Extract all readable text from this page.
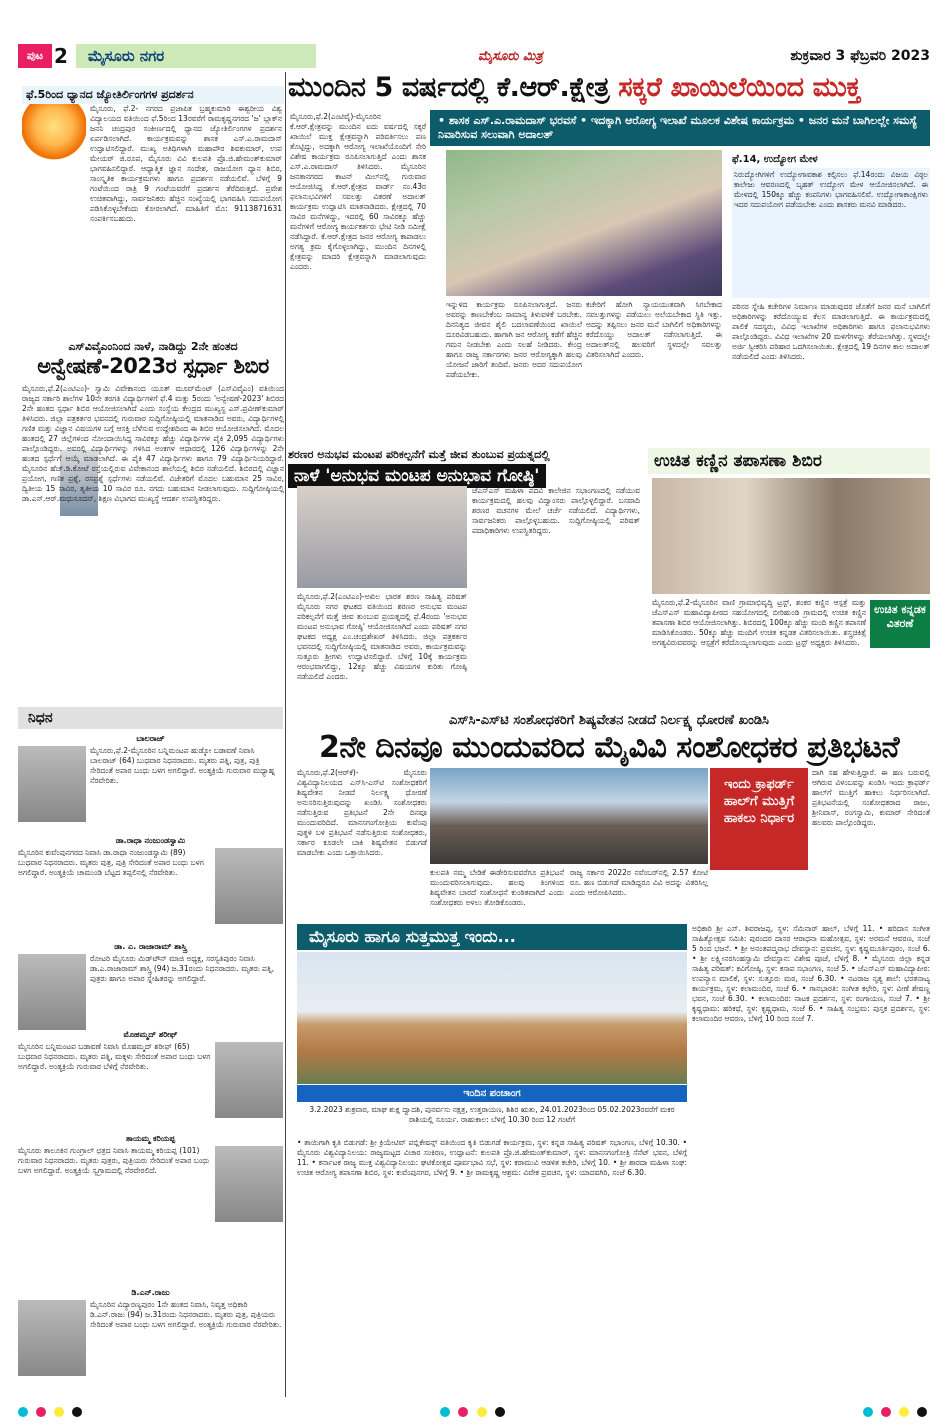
ಪುಟ 2	ಮೈಸೂರು ನಗರ	ಮೈಸೂರು ಮಿತ್ರ	ಶುಕ್ರವಾರ 3 ಫೆಬ್ರವರಿ 2023
ಫೆ.5ರಿಂದ ಧ್ಯಾನದ ಜ್ಯೋತಿರ್ಲಿಂಗಗಳ ಪ್ರದರ್ಶನ
ಮೈಸೂರು, ಫೆ.2- ನಗರದ ಪ್ರಜಾಪಿತ ಬ್ರಹ್ಮಕುಮಾರಿ ಈಶ್ವರೀಯ ವಿಶ್ವ ವಿದ್ಯಾಲಯದ ವತಿಯಿಂದ ಫೆ.5ರಿಂದ 13ರವರೆಗೆ ರಾಮಕೃಷ್ಣನಗರದ 'ಜ' ಬ್ಲಾಕ್‌ನ ಜನನಿ ಚಂದ್ರಪುರ ಸಂಕೀರ್ಣದಲ್ಲಿ ಧ್ಯಾನದ ಜ್ಯೋತಿರ್ಲಿಂಗಗಳ ಪ್ರದರ್ಶನ ಏರ್ಪಡಿಸಲಾಗಿದೆ. ಕಾರ್ಯಕ್ರಮವನ್ನು ಶಾಸಕ ಎಸ್.ಎ.ರಾಮದಾಸ್ ಉದ್ಘಾಟಿಸಲಿದ್ದಾರೆ. ಮುಖ್ಯ ಅತಿಥಿಗಳಾಗಿ ಮಹಾಪೌರ ಶಿವಕುಮಾರ್, ಉಪ ಮೇಯರ್ ಜಿ.ರೂಪ, ಮೈಸೂರು ವಿವಿ ಕುಲಪತಿ ಪ್ರೊ.ಜಿ.ಹೇಮಂತ್‌ಕುಮಾರ್ ಭಾಗವಹಿಸಲಿದ್ದಾರೆ. ಆಧ್ಯಾತ್ಮಿಕ ಜ್ಞಾನ ಸಂದೇಶ, ರಾಜಯೋಗ ಧ್ಯಾನ ಶಿಬಿರ, ಸಾಂಸ್ಕೃತಿಕ ಕಾರ್ಯಕ್ರಮಗಳು ಹಾಗೂ ಪ್ರದರ್ಶನ ನಡೆಯಲಿವೆ. ಬೆಳಿಗ್ಗೆ 9 ಗಂಟೆಯಿಂದ ರಾತ್ರಿ 9 ಗಂಟೆಯವರೆಗೆ ಪ್ರದರ್ಶನ ತೆರೆದಿರುತ್ತದೆ. ಪ್ರವೇಶ ಉಚಿತವಾಗಿದ್ದು, ಸಾರ್ವಜನಿಕರು ಹೆಚ್ಚಿನ ಸಂಖ್ಯೆಯಲ್ಲಿ ಭಾಗವಹಿಸಿ ಸದುಪಯೋಗ ಪಡಿಸಿಕೊಳ್ಳಬೇಕೆಂದು ಕೋರಲಾಗಿದೆ. ಮಾಹಿತಿಗೆ ಮೊ: 9113871631 ಸಂಪರ್ಕಿಸಬಹುದು.
ಎಸ್‌ವಿವೈಎಂನಿಂದ ನಾಳೆ, ನಾಡಿದ್ದು 2ನೇ ಹಂತದ
ಅನ್ವೇಷಣೆ-2023ರ ಸ್ಪರ್ಧಾ ಶಿಬಿರ
ಮೈಸೂರು,ಫೆ.2(ಎಂಟಿಎಂ)- ಸ್ವಾಮಿ ವಿವೇಕಾನಂದ ಯೂತ್ ಮೂವ್‌ಮೆಂಟ್ (ಎಸ್‌ವಿವೈಎಂ) ವತಿಯಿಂದ ರಾಜ್ಯದ ಸರ್ಕಾರಿ ಶಾಲೆಗಳ 10ನೇ ತರಗತಿ ವಿದ್ಯಾರ್ಥಿಗಳಿಗೆ ಫೆ.4 ಮತ್ತು 5ರಂದು 'ಅನ್ವೇಷಣೆ-2023' ಶಿಬಿರದ 2ನೇ ಹಂತದ ಸ್ಪರ್ಧಾ ಶಿಬಿರ ಆಯೋಜಿಸಲಾಗಿದೆ ಎಂದು ಸಂಸ್ಥೆಯ ಕೇಂದ್ರದ ಮುಖ್ಯಸ್ಥ ಎಸ್.ಪ್ರವೀಣ್‌ಕುಮಾರ್ ತಿಳಿಸಿದರು. ಜಿಲ್ಲಾ ಪತ್ರಕರ್ತರ ಭವನದಲ್ಲಿ ಗುರುವಾರ ಸುದ್ದಿಗೋಷ್ಠಿಯಲ್ಲಿ ಮಾತನಾಡಿದ ಅವರು, ವಿದ್ಯಾರ್ಥಿಗಳಲ್ಲಿ ಗಣಿತ ಮತ್ತು ವಿಜ್ಞಾನ ವಿಷಯಗಳ ಬಗ್ಗೆ ಆಸಕ್ತಿ ಬೆಳೆಸುವ ಉದ್ದೇಶದಿಂದ ಈ ಶಿಬಿರ ಆಯೋಜಿಸಲಾಗಿದೆ. ಮೊದಲ ಹಂತದಲ್ಲಿ 27 ಜಿಲ್ಲೆಗಳಿಂದ ನೋಂದಾಯಿಸಿದ್ದ ಸಾವಿರಕ್ಕೂ ಹೆಚ್ಚು ವಿದ್ಯಾರ್ಥಿಗಳ ಪೈಕಿ 2,095 ವಿದ್ಯಾರ್ಥಿಗಳು ಪಾಲ್ಗೊಂಡಿದ್ದರು. ಅವರಲ್ಲಿ ವಿದ್ಯಾರ್ಥಿಗಳನ್ನು ಗಳಿಸಿದ ಅಂಕಗಳ ಆಧಾರದಲ್ಲಿ 126 ವಿದ್ಯಾರ್ಥಿಗಳನ್ನು 2ನೇ ಹಂತದ ಸ್ಪರ್ಧೆಗೆ ಆಯ್ಕೆ ಮಾಡಲಾಗಿದೆ. ಈ ಪೈಕಿ 47 ವಿದ್ಯಾರ್ಥಿಗಳು ಹಾಗೂ 79 ವಿದ್ಯಾರ್ಥಿನಿಯರಿದ್ದಾರೆ. ಮೈಸೂರಿನ ಹೆಚ್.ಡಿ.ಕೋಟೆ ರಸ್ತೆಯಲ್ಲಿರುವ ವಿವೇಕಾನಂದ ಶಾಲೆಯಲ್ಲಿ ಶಿಬಿರ ನಡೆಯಲಿದೆ. ಶಿಬಿರದಲ್ಲಿ ವಿಜ್ಞಾನ ಪ್ರಯೋಗ, ಗಣಿತ ಪ್ರಶ್ನೆ, ರಸಪ್ರಶ್ನೆ ಸ್ಪರ್ಧೆಗಳು ನಡೆಯಲಿವೆ. ವಿಜೇತರಿಗೆ ಮೊದಲ ಬಹುಮಾನ 25 ಸಾವಿರ, ದ್ವಿತೀಯ 15 ಸಾವಿರ, ತೃತೀಯ 10 ಸಾವಿರ ರೂ. ನಗದು ಬಹುಮಾನ ನೀಡಲಾಗುವುದು. ಸುದ್ದಿಗೋಷ್ಠಿಯಲ್ಲಿ ಡಾ.ಎಸ್.ಆರ್.ಮಧುಸೂದನ್, ಶಿಕ್ಷಣ ವಿಭಾಗದ ಮುಖ್ಯಸ್ಥೆ ಆದರ್ಶ ಉಪಸ್ಥಿತರಿದ್ದರು.
ನಿಧನ
ಬಾಲರಾಜ್
ಮೈಸೂರು,ಫೆ.2-ಮೈಸೂರಿನ ಬನ್ನಿಮಂಟಪ ಹುಡ್ಕೋ ಬಡಾವಣೆ ನಿವಾಸಿ ಬಾಲರಾಜ್ (64) ಬುಧವಾರ ನಿಧನರಾದರು. ಮೃತರು ಪತ್ನಿ, ಪುತ್ರ, ಪುತ್ರಿ ಸೇರಿದಂತೆ ಅಪಾರ ಬಂಧು ಬಳಗ ಅಗಲಿದ್ದಾರೆ. ಅಂತ್ಯಕ್ರಿಯೆ ಗುರುವಾರ ಮಧ್ಯಾಹ್ನ ನೆರವೇರಿತು.
ಡಾ.ರಾಧಾ ನಂಜುಂಡಸ್ವಾಮಿ
ಮೈಸೂರಿನ ಕುವೆಂಪುನಗರದ ನಿವಾಸಿ ಡಾ.ರಾಧಾ ನಂಜುಂಡಸ್ವಾಮಿ (89) ಬುಧವಾರ ನಿಧನರಾದರು. ಮೃತರು ಪುತ್ರ, ಪುತ್ರಿ ಸೇರಿದಂತೆ ಅಪಾರ ಬಂಧು ಬಳಗ ಅಗಲಿದ್ದಾರೆ. ಅಂತ್ಯಕ್ರಿಯೆ ಚಾಮುಂಡಿ ಬೆಟ್ಟದ ತಪ್ಪಲಿನಲ್ಲಿ ನೆರವೇರಿತು.
ಡಾ. ಎ. ರಾಜಾರಾಮ್ ಶಾಸ್ತ್ರಿ
ರೋಟರಿ ಮೈಸೂರು ಮಿಡ್‌ಟೌನ್ ಮಾಜಿ ಅಧ್ಯಕ್ಷ, ಸರಸ್ವತಿಪುರಂ ನಿವಾಸಿ ಡಾ.ಎ.ರಾಜಾರಾಮ್ ಶಾಸ್ತ್ರಿ (94) ಜ.31ರಂದು ನಿಧನರಾದರು. ಮೃತರು ಪತ್ನಿ, ಪುತ್ರರು ಹಾಗೂ ಅಪಾರ ಸ್ನೇಹಿತರನ್ನು ಅಗಲಿದ್ದಾರೆ.
ಮೊಹಮ್ಮದ್ ಶರೀಫ್
ಮೈಸೂರಿನ ಬನ್ನಿಮಂಟಪ ಬಡಾವಣೆ ನಿವಾಸಿ ಮೊಹಮ್ಮದ್ ಶರೀಫ್ (65) ಬುಧವಾರ ನಿಧನರಾದರು. ಮೃತರು ಪತ್ನಿ, ಮಕ್ಕಳು ಸೇರಿದಂತೆ ಅಪಾರ ಬಂಧು ಬಳಗ ಅಗಲಿದ್ದಾರೆ. ಅಂತ್ಯಕ್ರಿಯೆ ಗುರುವಾರ ಬೆಳಿಗ್ಗೆ ನೆರವೇರಿತು.
ತಾಯಮ್ಮ ಕರಿಯಪ್ಪ
ಮೈಸೂರು ತಾಲೂಕಿನ ಗುಂಗ್ರಾಲ್ ಛತ್ರದ ನಿವಾಸಿ ತಾಯಮ್ಮ ಕರಿಯಪ್ಪ (101) ಗುರುವಾರ ನಿಧನರಾದರು. ಮೃತರು ಪುತ್ರರು, ಪುತ್ರಿಯರು ಸೇರಿದಂತೆ ಅಪಾರ ಬಂಧು ಬಳಗ ಅಗಲಿದ್ದಾರೆ. ಅಂತ್ಯಕ್ರಿಯೆ ಸ್ವಗ್ರಾಮದಲ್ಲಿ ನೆರವೇರಲಿದೆ.
ಡಿ.ಎನ್.ರಾಜು
ಮೈಸೂರಿನ ವಿದ್ಯಾರಣ್ಯಪುರಂ 1ನೇ ಹಂತದ ನಿವಾಸಿ, ನಿವೃತ್ತ ಅಧಿಕಾರಿ ಡಿ.ಎನ್.ರಾಜು (94) ಜ.31ರಂದು ನಿಧನರಾದರು. ಮೃತರು ಪುತ್ರ, ಪುತ್ರಿಯರು ಸೇರಿದಂತೆ ಅಪಾರ ಬಂಧು ಬಳಗ ಅಗಲಿದ್ದಾರೆ. ಅಂತ್ಯಕ್ರಿಯೆ ಗುರುವಾರ ನೆರವೇರಿತು.
ಮುಂದಿನ 5 ವರ್ಷದಲ್ಲಿ ಕೆ.ಆರ್.ಕ್ಷೇತ್ರ ಸಕ್ಕರೆ ಖಾಯಿಲೆಯಿಂದ ಮುಕ್ತ
ಮೈಸೂರು,ಫೆ.2(ಎಂಟಿವೈ)-ಮೈಸೂರಿನ ಕೆ.ಆರ್.ಕ್ಷೇತ್ರವನ್ನು ಮುಂದಿನ ಐದು ವರ್ಷದಲ್ಲಿ ಸಕ್ಕರೆ ಖಾಯಿಲೆ ಮುಕ್ತ ಕ್ಷೇತ್ರವನ್ನಾಗಿ ಪರಿವರ್ತಿಸಲು ಪಣ ತೊಟ್ಟಿದ್ದು, ಅದಕ್ಕಾಗಿ ಆರೋಗ್ಯ ಇಲಾಖೆಯೊಂದಿಗೆ ಸೇರಿ ವಿಶೇಷ ಕಾರ್ಯಕ್ರಮ ರೂಪಿಸಲಾಗುತ್ತಿದೆ ಎಂದು ಶಾಸಕ ಎಸ್.ಎ.ರಾಮದಾಸ್ ತಿಳಿಸಿದರು. ಮೈಸೂರಿನ ಜನತಾನಗರದ ಕಾಟನ್ ಮಿಲ್‌ನಲ್ಲಿ ಗುರುವಾರ ಆಯೋಜಿಸಿದ್ದ ಕೆ.ಆರ್.ಕ್ಷೇತ್ರದ ವಾರ್ಡ್ ನಂ.43ರ ಫಲಾನುಭವಿಗಳಿಗೆ ಸವಲತ್ತು ವಿತರಣೆ ಅದಾಲತ್ ಕಾರ್ಯಕ್ರಮ ಉದ್ಘಾಟಿಸಿ ಮಾತನಾಡಿದರು. ಕ್ಷೇತ್ರದಲ್ಲಿ 70 ಸಾವಿರ ಮನೆಗಳಿದ್ದು, ಇದರಲ್ಲಿ 60 ಸಾವಿರಕ್ಕೂ ಹೆಚ್ಚು ಮನೆಗಳಿಗೆ ಆರೋಗ್ಯ ಕಾರ್ಯಕರ್ತರು ಭೇಟಿ ನೀಡಿ ಸಮೀಕ್ಷೆ ನಡೆಸಿದ್ದಾರೆ. ಕೆ.ಆರ್.ಕ್ಷೇತ್ರದ ಜನರ ಆರೋಗ್ಯ ಕಾಪಾಡಲು ಅಗತ್ಯ ಕ್ರಮ ಕೈಗೊಳ್ಳಲಾಗಿದ್ದು, ಮುಂದಿನ ದಿನಗಳಲ್ಲಿ ಕ್ಷೇತ್ರವನ್ನು ಮಾದರಿ ಕ್ಷೇತ್ರವನ್ನಾಗಿ ಮಾಡಲಾಗುವುದು ಎಂದರು.
• ಶಾಸಕ ಎಸ್.ಎ.ರಾಮದಾಸ್ ಭರವಸೆ • ಇದಕ್ಕಾಗಿ ಆರೋಗ್ಯ ಇಲಾಖೆ ಮೂಲಕ ವಿಶೇಷ ಕಾರ್ಯಕ್ರಮ • ಜನರ ಮನೆ ಬಾಗಿಲಲ್ಲೇ ಸಮಸ್ಯೆ ನಿವಾರಿಸುವ ಸಲುವಾಗಿ ಅದಾಲತ್
ಫೆ.14, ಉದ್ಯೋಗ ಮೇಳ
ನಿರುದ್ಯೋಗಿಗಳಿಗೆ ಉದ್ಯೋಗಾವಕಾಶ ಕಲ್ಪಿಸಲು ಫೆ.14ರಂದು ವಿಜಯ ವಿಠ್ಠಲ ಕಾಲೇಜು ಆವರಣದಲ್ಲಿ ಬೃಹತ್ ಉದ್ಯೋಗ ಮೇಳ ಆಯೋಜಿಸಲಾಗಿದೆ. ಈ ಮೇಳದಲ್ಲಿ 150ಕ್ಕೂ ಹೆಚ್ಚು ಕಂಪನಿಗಳು ಭಾಗವಹಿಸಲಿವೆ. ಉದ್ಯೋಗಾಕಾಂಕ್ಷಿಗಳು ಇದರ ಸದುಪಯೋಗ ಪಡೆಯಬೇಕು ಎಂದು ಶಾಸಕರು ಮನವಿ ಮಾಡಿದರು.
ಇನ್ನುಳಿದ ಕಾರ್ಯಕ್ರಮ ರೂಪಿಸಲಾಗುತ್ತದೆ. ಜನರು ಅವರನ್ನು ಕಾಣಬೇಕೆಂಬ ಸಾಮಾನ್ಯ ತಿಳುವಳಿಕೆ ಬರಬೇಕು. ದಿನನಿತ್ಯದ ಜೀವನ ಶೈಲಿ ಬದಲಾವಣೆಯಿಂದ ಖಾಯಿಲೆ ದೂರವಿಡಬಹುದು. ಹಾಗಾಗಿ ಜನ ಆರೋಗ್ಯ ಕಡೆಗೆ ಹೆಚ್ಚಿನ ಗಮನ ನೀಡಬೇಕು ಎಂದು ಸಲಹೆ ನೀಡಿದರು. ಕೇಂದ್ರ ಹಾಗೂ ರಾಜ್ಯ ಸರ್ಕಾರಗಳು ಜನರ ಆರೋಗ್ಯಕ್ಕಾಗಿ ಹಲವು ಯೋಜನೆ ಜಾರಿಗೆ ತಂದಿವೆ. ಜನರು ಅದರ ಸದುಪಯೋಗ ಪಡೆಯಬೇಕು.
ಕಚೇರಿಗೆ ಹೋಗಿ ನ್ಯಾಯಯುತವಾಗಿ ಸಿಗಬೇಕಾದ ಸವಲತ್ತುಗಳನ್ನು ಪಡೆಯಲು ಅಲೆಯಬೇಕಾದ ಸ್ಥಿತಿ ಇತ್ತು. ಅದನ್ನು ತಪ್ಪಿಸಲು ಜನರ ಮನೆ ಬಾಗಿಲಿಗೆ ಅಧಿಕಾರಿಗಳನ್ನು ಕರೆದೊಯ್ದು ಅದಾಲತ್ ನಡೆಸಲಾಗುತ್ತಿದೆ. ಈ ಅದಾಲತ್‌ನಲ್ಲಿ ಹಲವರಿಗೆ ಸ್ಥಳದಲ್ಲೇ ಸವಲತ್ತು ವಿತರಿಸಲಾಗಿದೆ ಎಂದರು.
ಪರಿಸರ ಸ್ನೇಹಿ ಕಚೇರಿಗಳ ನಿರ್ಮಾಣ ಮಾಡುವುದರ ಜೊತೆಗೆ ಜನರ ಮನೆ ಬಾಗಿಲಿಗೆ ಅಧಿಕಾರಿಗಳನ್ನು ಕರೆದೊಯ್ಯುವ ಕೆಲಸ ಮಾಡಲಾಗುತ್ತಿದೆ. ಈ ಕಾರ್ಯಕ್ರಮದಲ್ಲಿ ಪಾಲಿಕೆ ಸದಸ್ಯರು, ವಿವಿಧ ಇಲಾಖೆಗಳ ಅಧಿಕಾರಿಗಳು ಹಾಗೂ ಫಲಾನುಭವಿಗಳು ಪಾಲ್ಗೊಂಡಿದ್ದರು. ವಿವಿಧ ಇಲಾಖೆಗಳ 20 ಮಳಿಗೆಗಳನ್ನು ತೆರೆಯಲಾಗಿತ್ತು. ಸ್ಥಳದಲ್ಲೇ ಅರ್ಜಿ ಸ್ವೀಕರಿಸಿ ಪರಿಹಾರ ಒದಗಿಸಲಾಯಿತು. ಕ್ಷೇತ್ರದಲ್ಲಿ 19 ದಿನಗಳ ಕಾಲ ಅದಾಲತ್ ನಡೆಯಲಿದೆ ಎಂದು ತಿಳಿಸಿದರು.
ಶರಣರ ಅನುಭವ ಮಂಟಪ ಪರಿಕಲ್ಪನೆಗೆ ಮತ್ತೆ ಜೀವ ತುಂಬುವ ಪ್ರಯತ್ನದಲ್ಲಿ
ನಾಳೆ 'ಅನುಭವ ಮಂಟಪ ಅನುಭಾವ ಗೋಷ್ಠಿ'
ಮೈಸೂರು,ಫೆ.2(ಎಂಟಿಎಂ)-ಅಖಿಲ ಭಾರತ ಶರಣ ಸಾಹಿತ್ಯ ಪರಿಷತ್ ಮೈಸೂರು ನಗರ ಘಟಕದ ವತಿಯಿಂದ ಶರಣರ ಅನುಭವ ಮಂಟಪ ಪರಿಕಲ್ಪನೆಗೆ ಮತ್ತೆ ಜೀವ ತುಂಬುವ ಪ್ರಯತ್ನದಲ್ಲಿ ಫೆ.4ರಂದು 'ಅನುಭವ ಮಂಟಪ ಅನುಭಾವ ಗೋಷ್ಠಿ' ಆಯೋಜಿಸಲಾಗಿದೆ ಎಂದು ಪರಿಷತ್ ನಗರ ಘಟಕದ ಅಧ್ಯಕ್ಷ ಎಂ.ಚಂದ್ರಶೇಖರ್ ತಿಳಿಸಿದರು. ಜಿಲ್ಲಾ ಪತ್ರಕರ್ತರ ಭವನದಲ್ಲಿ ಸುದ್ದಿಗೋಷ್ಠಿಯಲ್ಲಿ ಮಾತನಾಡಿದ ಅವರು, ಕಾರ್ಯಕ್ರಮವನ್ನು ಸುತ್ತೂರು ಶ್ರೀಗಳು ಉದ್ಘಾಟಿಸಲಿದ್ದಾರೆ. ಬೆಳಿಗ್ಗೆ 10ಕ್ಕೆ ಕಾರ್ಯಕ್ರಮ ಆರಂಭವಾಗಲಿದ್ದು, 12ಕ್ಕೂ ಹೆಚ್ಚು ವಿಷಯಗಳ ಕುರಿತು ಗೋಷ್ಠಿ ನಡೆಯಲಿದೆ ಎಂದರು.
ಜೆಎಸ್‌ಎಸ್ ಮಹಿಳಾ ಪದವಿ ಕಾಲೇಜಿನ ಸಭಾಂಗಣದಲ್ಲಿ ನಡೆಯುವ ಕಾರ್ಯಕ್ರಮದಲ್ಲಿ ಹಲವು ವಿದ್ವಾಂಸರು ಪಾಲ್ಗೊಳ್ಳಲಿದ್ದಾರೆ. ಬಸವಾದಿ ಶರಣರ ವಚನಗಳ ಮೇಲೆ ಚರ್ಚೆ ನಡೆಯಲಿದೆ. ವಿದ್ಯಾರ್ಥಿಗಳು, ಸಾರ್ವಜನಿಕರು ಪಾಲ್ಗೊಳ್ಳಬಹುದು. ಸುದ್ದಿಗೋಷ್ಠಿಯಲ್ಲಿ ಪರಿಷತ್ ಪದಾಧಿಕಾರಿಗಳು ಉಪಸ್ಥಿತರಿದ್ದರು.
ಉಚಿತ ಕಣ್ಣಿನ ತಪಾಸಣಾ ಶಿಬಿರ
ಉಚಿತ ಕನ್ನಡಕ ವಿತರಣೆ
ಮೈಸೂರು,ಫೆ.2-ಮೈಸೂರಿನ ವಾಣಿ ಗ್ರಾಮಾಭಿವೃದ್ಧಿ ಟ್ರಸ್ಟ್, ಶಂಕರ ಕಣ್ಣಿನ ಆಸ್ಪತ್ರೆ ಮತ್ತು ಜೆಎಸ್‌ಎಸ್ ಮಹಾವಿದ್ಯಾಪೀಠದ ಸಹಯೋಗದಲ್ಲಿ ಬೀರಿಹುಂಡಿ ಗ್ರಾಮದಲ್ಲಿ ಉಚಿತ ಕಣ್ಣಿನ ತಪಾಸಣಾ ಶಿಬಿರ ಆಯೋಜಿಸಲಾಗಿತ್ತು. ಶಿಬಿರದಲ್ಲಿ 100ಕ್ಕೂ ಹೆಚ್ಚು ಮಂದಿ ಕಣ್ಣಿನ ತಪಾಸಣೆ ಮಾಡಿಸಿಕೊಂಡರು. 50ಕ್ಕೂ ಹೆಚ್ಚು ಮಂದಿಗೆ ಉಚಿತ ಕನ್ನಡಕ ವಿತರಿಸಲಾಯಿತು. ಶಸ್ತ್ರಚಿಕಿತ್ಸೆ ಅಗತ್ಯವಿರುವವರನ್ನು ಆಸ್ಪತ್ರೆಗೆ ಕರೆದೊಯ್ಯಲಾಗುವುದು ಎಂದು ಟ್ರಸ್ಟ್ ಅಧ್ಯಕ್ಷರು ತಿಳಿಸಿದರು.
ಎಸ್‌ಸಿ-ಎಸ್‌ಟಿ ಸಂಶೋಧಕರಿಗೆ ಶಿಷ್ಯವೇತನ ನೀಡದೆ ನಿರ್ಲಕ್ಷ್ಯ ಧೋರಣೆ ಖಂಡಿಸಿ
2ನೇ ದಿನವೂ ಮುಂದುವರಿದ ಮೈವಿವಿ ಸಂಶೋಧಕರ ಪ್ರತಿಭಟನೆ
ಮೈಸೂರು,ಫೆ.2(ಆರ್‌ಕೆ)- ಮೈಸೂರು ವಿಶ್ವವಿದ್ಯಾನಿಲಯದ ಎಸ್‌ಸಿ-ಎಸ್‌ಟಿ ಸಂಶೋಧಕರಿಗೆ ಶಿಷ್ಯವೇತನ ನೀಡದೆ ನಿರ್ಲಕ್ಷ್ಯ ಧೋರಣೆ ಅನುಸರಿಸುತ್ತಿರುವುದನ್ನು ಖಂಡಿಸಿ ಸಂಶೋಧಕರು ನಡೆಸುತ್ತಿರುವ ಪ್ರತಿಭಟನೆ 2ನೇ ದಿನವೂ ಮುಂದುವರಿದಿದೆ. ಮಾನಸಗಂಗೋತ್ರಿಯ ಕುವೆಂಪು ಪುತ್ಥಳಿ ಬಳಿ ಪ್ರತಿಭಟನೆ ನಡೆಸುತ್ತಿರುವ ಸಂಶೋಧಕರು, ಸರ್ಕಾರ ಕೂಡಲೇ ಬಾಕಿ ಶಿಷ್ಯವೇತನ ಬಿಡುಗಡೆ ಮಾಡಬೇಕು ಎಂದು ಒತ್ತಾಯಿಸಿದರು.
ಇಂದು ಕ್ರಾಫರ್ಡ್ ಹಾಲ್‌ಗೆ ಮುತ್ತಿಗೆ ಹಾಕಲು ನಿರ್ಧಾರ
ಕುಲಪತಿ ನಮ್ಮ ಬೇಡಿಕೆ ಈಡೇರಿಸುವವರೆಗೂ ಪ್ರತಿಭಟನೆ ಮುಂದುವರಿಸಲಾಗುವುದು. ಹಲವು ತಿಂಗಳಿಂದ ಶಿಷ್ಯವೇತನ ಬಾರದೆ ಸಂಶೋಧನೆ ಕುಂಠಿತವಾಗಿದೆ ಎಂದು ಸಂಶೋಧಕರು ಅಳಲು ತೋಡಿಕೊಂಡರು.
ರಾಜ್ಯ ಸರ್ಕಾರ 2022ರ ನವೆಂಬರ್‌ನಲ್ಲಿ 2.57 ಕೋಟಿ ರೂ. ಹಣ ಬಿಡುಗಡೆ ಮಾಡಿದ್ದರೂ ವಿವಿ ಅದನ್ನು ವಿತರಿಸಿಲ್ಲ ಎಂದು ಆರೋಪಿಸಿದರು.
ದಾಗಿ ಸಹ ಹೇಳುತ್ತಿದ್ದಾರೆ. ಈ ಹಣ ಬರುವಲ್ಲಿ ಆಗಿರುವ ವಿಳಂಬವನ್ನು ಖಂಡಿಸಿ ಇಂದು ಕ್ರಾಫರ್ಡ್ ಹಾಲ್‌ಗೆ ಮುತ್ತಿಗೆ ಹಾಕಲು ನಿರ್ಧರಿಸಲಾಗಿದೆ. ಪ್ರತಿಭಟನೆಯಲ್ಲಿ ಸಂಶೋಧಕರಾದ ರಾಜು, ಶ್ರೀನಿವಾಸ್, ರಂಗಸ್ವಾಮಿ, ಕುಮಾರ್ ಸೇರಿದಂತೆ ಹಲವರು ಪಾಲ್ಗೊಂಡಿದ್ದರು.
ಮೈಸೂರು ಹಾಗೂ ಸುತ್ತಮುತ್ತ ಇಂದು...
ಇಂದಿನ ಪಂಚಾಂಗ
3.2.2023 ಶುಕ್ರವಾರ, ಮಾಘ ಶುಕ್ಲ ದ್ವಾದಶಿ, ಪುನರ್ವಸು ನಕ್ಷತ್ರ, ಉತ್ತರಾಯಣ, ಶಿಶಿರ ಋತು, 24.01.2023ರಿಂದ 05.02.2023ರವರೆಗೆ ಮಕರ ರಾಶಿಯಲ್ಲಿ ಸೂರ್ಯ. ರಾಹುಕಾಲ: ಬೆಳಿಗ್ಗೆ 10.30 ರಿಂದ 12 ಗಂಟೆಗೆ
• ತಾಯಿಗಾಗಿ ಕೃತಿ ಬಿಡುಗಡೆ: ಶ್ರೀ ಕ್ರಿಯೇಟಿವ್ ಪಬ್ಲಿಕೇಷನ್ಸ್ ವತಿಯಿಂದ ಕೃತಿ ಬಿಡುಗಡೆ ಕಾರ್ಯಕ್ರಮ, ಸ್ಥಳ: ಕನ್ನಡ ಸಾಹಿತ್ಯ ಪರಿಷತ್ ಸಭಾಂಗಣ, ಬೆಳಿಗ್ಗೆ 10.30. • ಮೈಸೂರು ವಿಶ್ವವಿದ್ಯಾನಿಲಯ: ರಾಜ್ಯಮಟ್ಟದ ವಿಚಾರ ಸಂಕಿರಣ, ಉದ್ಘಾಟನೆ: ಕುಲಪತಿ ಪ್ರೊ.ಜಿ.ಹೇಮಂತ್‌ಕುಮಾರ್, ಸ್ಥಳ: ಮಾನಸಗಂಗೋತ್ರಿ ಸೆನೆಟ್ ಭವನ, ಬೆಳಿಗ್ಗೆ 11. • ಕರ್ನಾಟಕ ರಾಜ್ಯ ಮುಕ್ತ ವಿಶ್ವವಿದ್ಯಾನಿಲಯ: ಘಟಿಕೋತ್ಸವ ಪೂರ್ವಭಾವಿ ಸಭೆ, ಸ್ಥಳ: ಕರಾಮುವಿ ಆಡಳಿತ ಕಚೇರಿ, ಬೆಳಿಗ್ಗೆ 10. • ಶ್ರೀ ಶಾರದಾ ಮಹಿಳಾ ಸಂಘ: ಉಚಿತ ಆರೋಗ್ಯ ತಪಾಸಣಾ ಶಿಬಿರ, ಸ್ಥಳ: ಕುವೆಂಪುನಗರ, ಬೆಳಿಗ್ಗೆ 9. • ಶ್ರೀ ರಾಮಕೃಷ್ಣ ಆಶ್ರಮ: ವಿವೇಕ ಪ್ರವಚನ, ಸ್ಥಳ: ಯಾದವಗಿರಿ, ಸಂಜೆ 6.30.
ಅಧಿಕಾರಿ ಶ್ರೀ ಎಸ್. ಶಿವರಾಜಪ್ಪ, ಸ್ಥಳ: ಸೆಮಿನಾರ್ ಹಾಲ್, ಬೆಳಿಗ್ಗೆ 11. • ಹರಿದಾಸ ಸಂಗೀತ ಸಾಹಿತ್ಯೋತ್ಸವ ಸಮಿತಿ: ಪುರಂದರ ದಾಸರ ಆರಾಧನಾ ಮಹೋತ್ಸವ, ಸ್ಥಳ: ಅರಮನೆ ಆವರಣ, ಸಂಜೆ 5 ರಿಂದ ಭಜನೆ. • ಶ್ರೀ ಅನಂತಪದ್ಮನಾಭ ದೇವಸ್ಥಾನ: ಪ್ರವಚನ, ಸ್ಥಳ: ಕೃಷ್ಣಮೂರ್ತಿಪುರಂ, ಸಂಜೆ 6. • ಶ್ರೀ ಲಕ್ಷ್ಮೀನರಸಿಂಹಸ್ವಾಮಿ ದೇವಸ್ಥಾನ: ವಿಶೇಷ ಪೂಜೆ, ಬೆಳಿಗ್ಗೆ 8. • ಮೈಸೂರು ಜಿಲ್ಲಾ ಕನ್ನಡ ಸಾಹಿತ್ಯ ಪರಿಷತ್: ಕವಿಗೋಷ್ಠಿ, ಸ್ಥಳ: ಕಸಾಪ ಸಭಾಂಗಣ, ಸಂಜೆ 5. • ಜೆಎಸ್‌ಎಸ್ ಮಹಾವಿದ್ಯಾಪೀಠ: ಉಪನ್ಯಾಸ ಮಾಲಿಕೆ, ಸ್ಥಳ: ಸುತ್ತೂರು ಮಠ, ಸಂಜೆ 6.30. • ನಟರಾಜ ನೃತ್ಯ ಶಾಲೆ: ಭರತನಾಟ್ಯ ಕಾರ್ಯಕ್ರಮ, ಸ್ಥಳ: ಕಲಾಮಂದಿರ, ಸಂಜೆ 6. • ಗಾನಭಾರತಿ: ಸಂಗೀತ ಕಛೇರಿ, ಸ್ಥಳ: ವೀಣೆ ಶೇಷಣ್ಣ ಭವನ, ಸಂಜೆ 6.30. • ಕಲಾಮಂದಿರ: ನಾಟಕ ಪ್ರದರ್ಶನ, ಸ್ಥಳ: ರಂಗಾಯಣ, ಸಂಜೆ 7. • ಶ್ರೀ ಕೃಷ್ಣಧಾಮ: ಹರಿಕಥೆ, ಸ್ಥಳ: ಕೃಷ್ಣಧಾಮ, ಸಂಜೆ 6. • ಸಾಹಿತ್ಯ ಸಂಭ್ರಮ: ಪುಸ್ತಕ ಪ್ರದರ್ಶನ, ಸ್ಥಳ: ಕಲಾಮಂದಿರ ಆವರಣ, ಬೆಳಿಗ್ಗೆ 10 ರಿಂದ ಸಂಜೆ 7.
